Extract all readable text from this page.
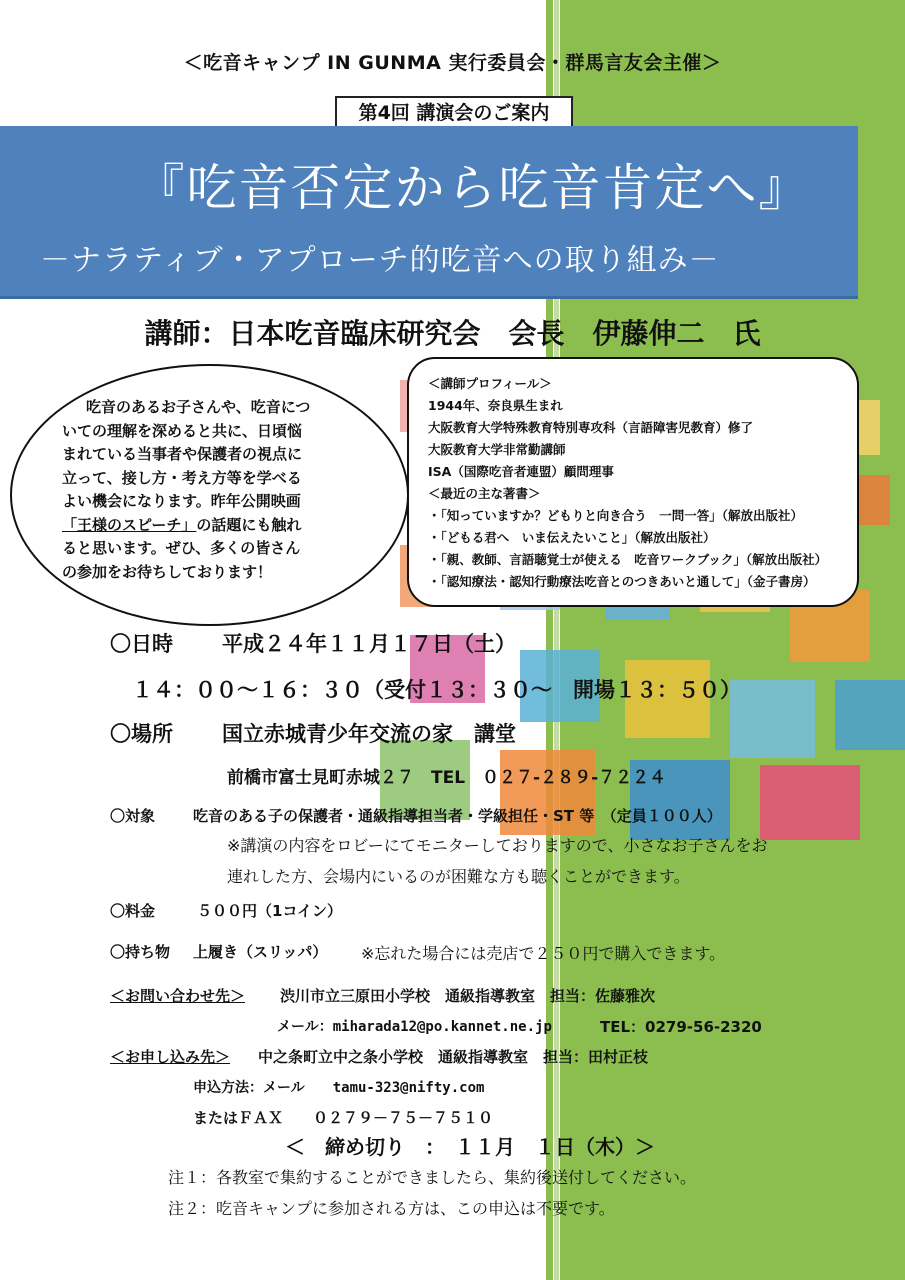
＜吃音キャンプ IN GUNMA 実行委員会・群馬言友会主催＞
第4回 講演会のご案内
『吃音否定から吃音肯定へ』
－ナラティブ・アプローチ的吃音への取り組み－
講師：日本吃音臨床研究会　会長　伊藤伸二　氏
吃音のあるお子さんや、吃音につ
いての理解を深めると共に、日頃悩
まれている当事者や保護者の視点に
立って、接し方・考え方等を学べる
よい機会になります。昨年公開映画
「王様のスピーチ」の話題にも触れ
ると思います。ぜひ、多くの皆さん
の参加をお待ちしております！
＜講師プロフィール＞
1944年、奈良県生まれ
大阪教育大学特殊教育特別専攻科（言語障害児教育）修了
大阪教育大学非常勤講師
ISA（国際吃音者連盟）顧問理事
＜最近の主な著書＞
・「知っていますか？どもりと向き合う　一問一答」（解放出版社）
・「どもる君へ　いま伝えたいこと」（解放出版社）
・「親、教師、言語聴覚士が使える　吃音ワークブック」（解放出版社）
・「認知療法・認知行動療法吃音とのつきあいと通して」（金子書房）
〇日時 平成２４年１１月１７日（土）
１４：００～１６：３０（受付１３：３０～　開場１３：５０）
〇場所 国立赤城青少年交流の家　講堂
前橋市富士見町赤城２７　TEL　０２７-２８９-７２２４
〇対象	吃音のある子の保護者・通級指導担当者・学級担任・ST 等　（定員１００人）
※講演の内容をロビーにてモニターしておりますので、小さなお子さんをお
連れした方、会場内にいるのが困難な方も聴くことができます。
〇料金	５００円（1コイン）
〇持ち物 上履き（スリッパ） ※忘れた場合には売店で２５０円で購入できます。
＜お問い合わせ先＞ 渋川市立三原田小学校　通級指導教室　担当：佐藤雅次
メール：miharada12@po.kannet.ne.jp	TEL：0279-56-2320
＜お申し込み先＞ 中之条町立中之条小学校　通級指導教室　担当：田村正枝
申込方法：メール　　tamu-323@nifty.com
またはＦＡＸ　　０２７９－７５－７５１０
＜　締め切り　：　１１月　１日（木）＞
注１：各教室で集約することができましたら、集約後送付してください。
注２：吃音キャンプに参加される方は、この申込は不要です。
